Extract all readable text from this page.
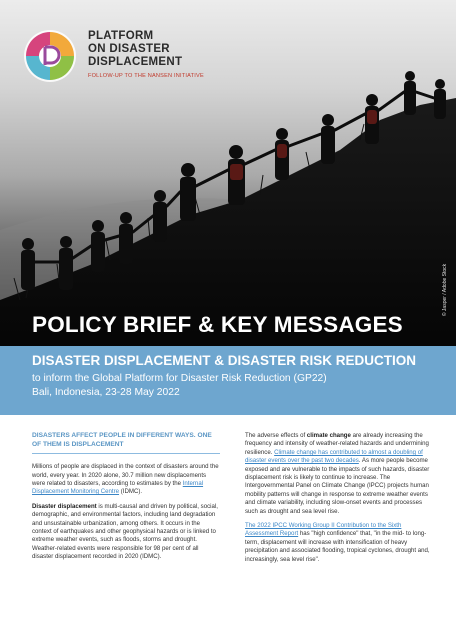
PLATFORM
ON DISASTER
DISPLACEMENT
FOLLOW-UP TO THE NANSEN INITIATIVE
© Jasper / Adobe Stock
POLICY BRIEF & KEY MESSAGES
DISASTER DISPLACEMENT & DISASTER RISK REDUCTION
to inform the Global Platform for Disaster Risk Reduction (GP22)
Bali, Indonesia, 23-28 May 2022
DISASTERS AFFECT PEOPLE IN DIFFERENT WAYS. ONE OF THEM IS DISPLACEMENT

Millions of people are displaced in the context of disasters around the world, every year. In 2020 alone, 30.7 million new displacements were related to disasters, according to estimates by the Internal Displacement Monitoring Centre (IDMC).

Disaster displacement is multi-causal and driven by political, social, demographic, and environmental factors, including land degradation and unsustainable urbanization, among others. It occurs in the context of earthquakes and other geophysical hazards or is linked to extreme weather events, such as floods, storms and drought. Weather-related events were responsible for 98 per cent of all disaster displacement recorded in 2020 (IDMC).

The adverse effects of climate change are already increasing the frequency and intensity of weather-related hazards and undermining resilience. Climate change has contributed to almost a doubling of disaster events over the past two decades. As more people become exposed and are vulnerable to the impacts of such hazards, disaster displacement risk is likely to continue to increase. The Intergovernmental Panel on Climate Change (IPCC) projects human mobility patterns will change in response to extreme weather events and climate variability, including slow-onset events and processes such as drought and sea level rise.

The 2022 IPCC Working Group II Contribution to the Sixth Assessment Report has "high confidence" that, "in the mid- to long-term, displacement will increase with intensification of heavy precipitation and associated flooding, tropical cyclones, drought and, increasingly, sea level rise".
